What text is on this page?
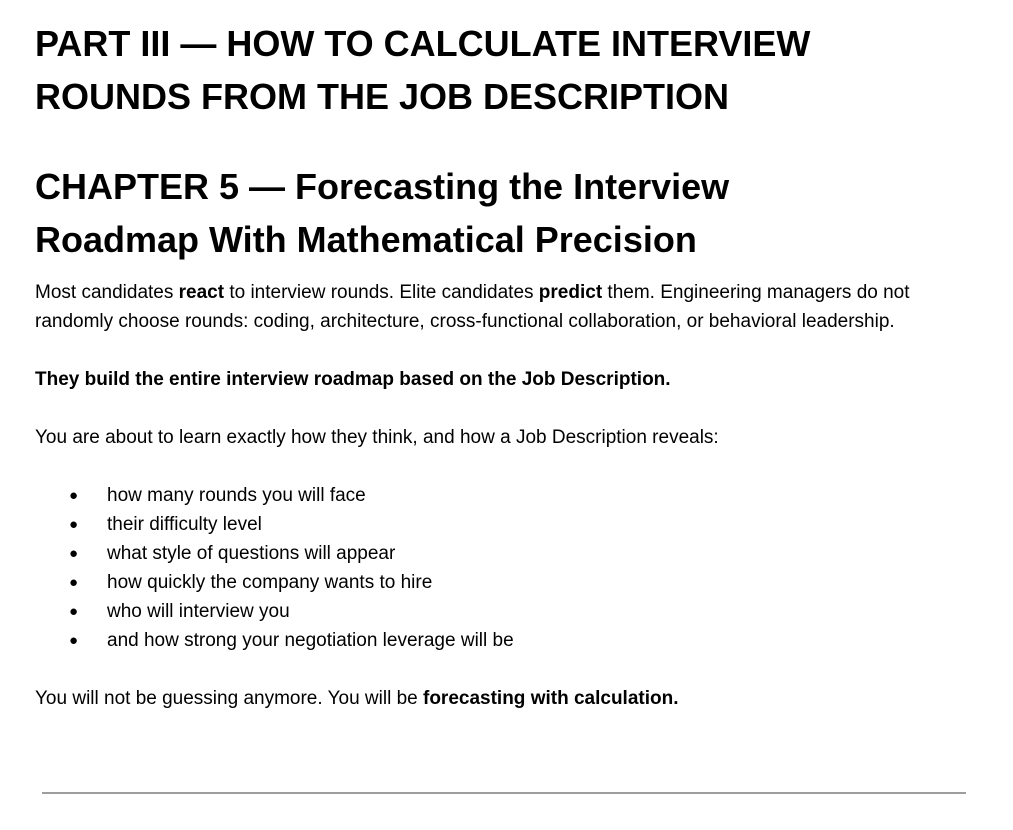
PART III — HOW TO CALCULATE INTERVIEW
ROUNDS FROM THE JOB DESCRIPTION
CHAPTER 5 — Forecasting the Interview
Roadmap With Mathematical Precision

Most candidates react to interview rounds. Elite candidates predict them. Engineering managers do not randomly choose rounds: coding, architecture, cross-functional collaboration, or behavioral leadership.

They build the entire interview roadmap based on the Job Description.

You are about to learn exactly how they think, and how a Job Description reveals:

● how many rounds you will face
● their difficulty level
● what style of questions will appear
● how quickly the company wants to hire
● who will interview you
● and how strong your negotiation leverage will be

You will not be guessing anymore. You will be forecasting with calculation.
